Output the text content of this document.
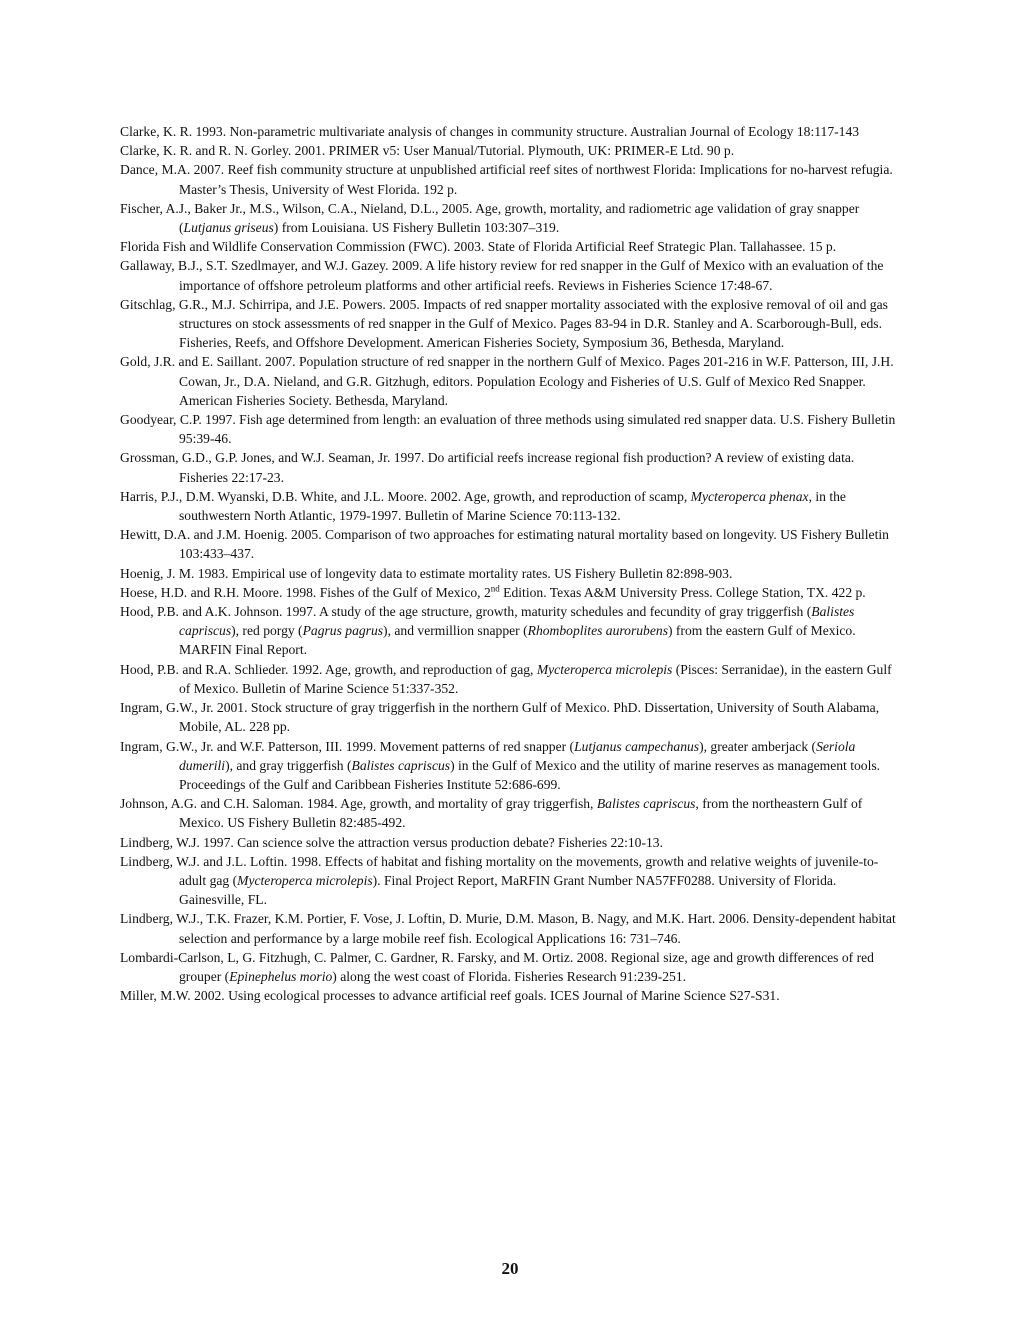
Clarke, K. R. 1993. Non-parametric multivariate analysis of changes in community structure. Australian Journal of Ecology 18:117-143

Clarke, K. R. and R. N. Gorley. 2001. PRIMER v5: User Manual/Tutorial. Plymouth, UK: PRIMER-E Ltd. 90 p.

Dance, M.A. 2007. Reef fish community structure at unpublished artificial reef sites of northwest Florida: Implications for no-harvest refugia. Master’s Thesis, University of West Florida. 192 p.

Fischer, A.J., Baker Jr., M.S., Wilson, C.A., Nieland, D.L., 2005. Age, growth, mortality, and radiometric age validation of gray snapper (Lutjanus griseus) from Louisiana. US Fishery Bulletin 103:307–319.

Florida Fish and Wildlife Conservation Commission (FWC). 2003. State of Florida Artificial Reef Strategic Plan. Tallahassee. 15 p.

Gallaway, B.J., S.T. Szedlmayer, and W.J. Gazey. 2009. A life history review for red snapper in the Gulf of Mexico with an evaluation of the importance of offshore petroleum platforms and other artificial reefs. Reviews in Fisheries Science 17:48-67.

Gitschlag, G.R., M.J. Schirripa, and J.E. Powers. 2005. Impacts of red snapper mortality associated with the explosive removal of oil and gas structures on stock assessments of red snapper in the Gulf of Mexico. Pages 83-94 in D.R. Stanley and A. Scarborough-Bull, eds. Fisheries, Reefs, and Offshore Development. American Fisheries Society, Symposium 36, Bethesda, Maryland.

Gold, J.R. and E. Saillant. 2007. Population structure of red snapper in the northern Gulf of Mexico. Pages 201-216 in W.F. Patterson, III, J.H. Cowan, Jr., D.A. Nieland, and G.R. Gitzhugh, editors. Population Ecology and Fisheries of U.S. Gulf of Mexico Red Snapper. American Fisheries Society. Bethesda, Maryland.

Goodyear, C.P. 1997. Fish age determined from length: an evaluation of three methods using simulated red snapper data. U.S. Fishery Bulletin 95:39-46.

Grossman, G.D., G.P. Jones, and W.J. Seaman, Jr. 1997. Do artificial reefs increase regional fish production? A review of existing data. Fisheries 22:17-23.

Harris, P.J., D.M. Wyanski, D.B. White, and J.L. Moore. 2002. Age, growth, and reproduction of scamp, Mycteroperca phenax, in the southwestern North Atlantic, 1979-1997. Bulletin of Marine Science 70:113-132.

Hewitt, D.A. and J.M. Hoenig. 2005. Comparison of two approaches for estimating natural mortality based on longevity. US Fishery Bulletin 103:433–437.

Hoenig, J. M. 1983. Empirical use of longevity data to estimate mortality rates. US Fishery Bulletin 82:898-903.

Hoese, H.D. and R.H. Moore. 1998. Fishes of the Gulf of Mexico, 2nd Edition. Texas A&M University Press. College Station, TX. 422 p.

Hood, P.B. and A.K. Johnson. 1997. A study of the age structure, growth, maturity schedules and fecundity of gray triggerfish (Balistes capriscus), red porgy (Pagrus pagrus), and vermillion snapper (Rhomboplites aurorubens) from the eastern Gulf of Mexico. MARFIN Final Report.

Hood, P.B. and R.A. Schlieder. 1992. Age, growth, and reproduction of gag, Mycteroperca microlepis (Pisces: Serranidae), in the eastern Gulf of Mexico. Bulletin of Marine Science 51:337-352.

Ingram, G.W., Jr. 2001. Stock structure of gray triggerfish in the northern Gulf of Mexico. PhD. Dissertation, University of South Alabama, Mobile, AL. 228 pp.

Ingram, G.W., Jr. and W.F. Patterson, III. 1999. Movement patterns of red snapper (Lutjanus campechanus), greater amberjack (Seriola dumerili), and gray triggerfish (Balistes capriscus) in the Gulf of Mexico and the utility of marine reserves as management tools. Proceedings of the Gulf and Caribbean Fisheries Institute 52:686-699.

Johnson, A.G. and C.H. Saloman. 1984. Age, growth, and mortality of gray triggerfish, Balistes capriscus, from the northeastern Gulf of Mexico. US Fishery Bulletin 82:485-492.

Lindberg, W.J. 1997. Can science solve the attraction versus production debate? Fisheries 22:10-13.

Lindberg, W.J. and J.L. Loftin. 1998. Effects of habitat and fishing mortality on the movements, growth and relative weights of juvenile-to-adult gag (Mycteroperca microlepis). Final Project Report, MaRFIN Grant Number NA57FF0288. University of Florida. Gainesville, FL.

Lindberg, W.J., T.K. Frazer, K.M. Portier, F. Vose, J. Loftin, D. Murie, D.M. Mason, B. Nagy, and M.K. Hart. 2006. Density-dependent habitat selection and performance by a large mobile reef fish. Ecological Applications 16: 731–746.

Lombardi-Carlson, L, G. Fitzhugh, C. Palmer, C. Gardner, R. Farsky, and M. Ortiz. 2008. Regional size, age and growth differences of red grouper (Epinephelus morio) along the west coast of Florida. Fisheries Research 91:239-251.

Miller, M.W. 2002. Using ecological processes to advance artificial reef goals. ICES Journal of Marine Science S27-S31.

20
